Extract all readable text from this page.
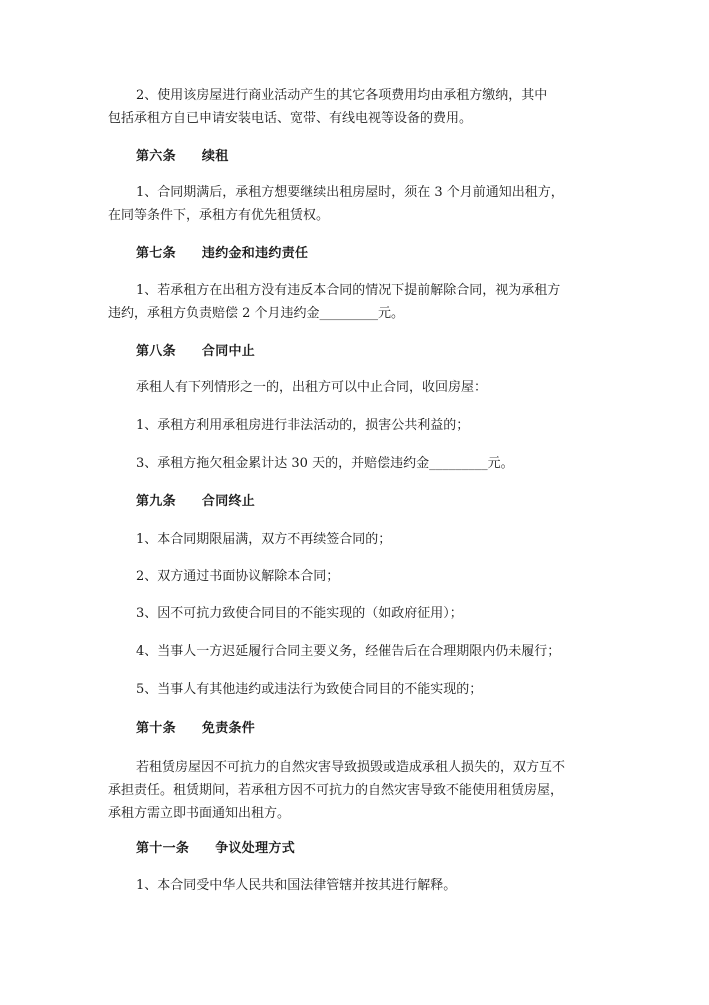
2、使用该房屋进行商业活动产生的其它各项费用均由承租方缴纳，其中
包括承租方自已申请安装电话、宽带、有线电视等设备的费用。
第六条 续租
1、合同期满后，承租方想要继续出租房屋时，须在 3 个月前通知出租方，
在同等条件下，承租方有优先租赁权。
第七条 违约金和违约责任
1、若承租方在出租方没有违反本合同的情况下提前解除合同，视为承租方
违约，承租方负责赔偿 2 个月违约金_________元。
第八条 合同中止
承租人有下列情形之一的，出租方可以中止合同，收回房屋：
1、承租方利用承租房进行非法活动的，损害公共利益的；
3、承租方拖欠租金累计达 30 天的，并赔偿违约金_________元。
第九条 合同终止
1、本合同期限届满，双方不再续签合同的；
2、双方通过书面协议解除本合同；
3、因不可抗力致使合同目的不能实现的（如政府征用）；
4、当事人一方迟延履行合同主要义务，经催告后在合理期限内仍未履行；
5、当事人有其他违约或违法行为致使合同目的不能实现的；
第十条 免责条件
若租赁房屋因不可抗力的自然灾害导致损毁或造成承租人损失的，双方互不
承担责任。租赁期间，若承租方因不可抗力的自然灾害导致不能使用租赁房屋，
承租方需立即书面通知出租方。
第十一条 争议处理方式
1、本合同受中华人民共和国法律管辖并按其进行解释。
